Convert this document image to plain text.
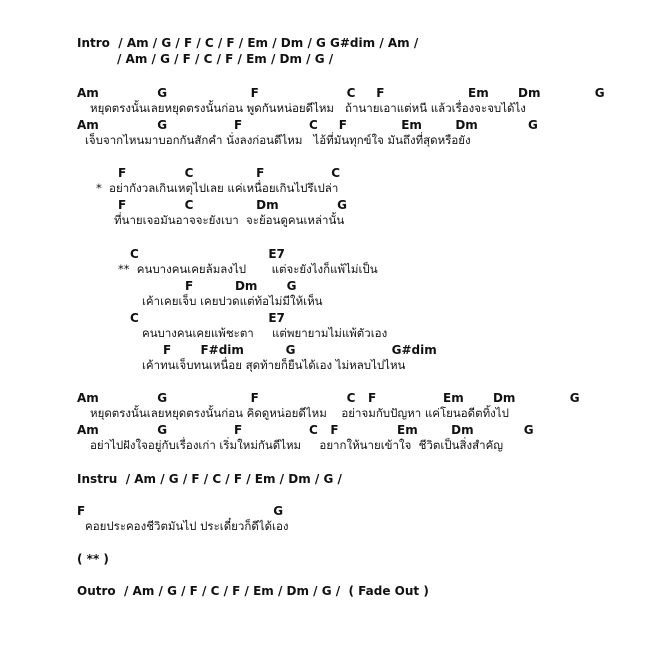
Intro  / Am / G / F / C / F / Em / Dm / G G#dim / Am /
/ Am / G / F / C / F / Em / Dm / G /
Am              G                    F                     C     F                    Em       Dm             G
หยุดตรงนั้นเลยหยุดตรงนั้นก่อน พูดกันหน่อยดีไหม   ถ้านายเอาแต่หนี แล้วเรื่องจะจบได้ไง
Am              G                F                C     F             Em        Dm            G
เจ็บจากไหนมาบอกกันสักคำ นั่งลงก่อนดีไหม   ไอ้ที่มันทุกข์ใจ มันถึงที่สุดหรือยัง
F              C               F                C
*  อย่ากังวลเกินเหตุไปเลย แค่เหนื่อยเกินไปรึเปล่า
F              C               Dm              G
ที่นายเจอมันอาจจะยังเบา  จะย้อนดูคนเหล่านั้น
C                               E7
**  คนบางคนเคยล้มลงไป       แต่จะยังไงก็แพ้ไม่เป็น
F          Dm       G
เค้าเคยเจ็บ เคยปวดแต่ท้อไม่มีให้เห็น
C                               E7
คนบางคนเคยแพ้ชะตา     แต่พยายามไม่แพ้ตัวเอง
F       F#dim          G                       G#dim
เค้าทนเจ็บทนเหนื่อย สุดท้ายก็ยืนได้เอง ไม่หลบไปไหน
Am              G                    F                     C   F                Em       Dm             G
หยุดตรงนั้นเลยหยุดตรงนั้นก่อน คิดดูหน่อยดีไหม    อย่าจมกับปัญหา แค่โยนอดีตทิ้งไป
Am              G                F                C   F              Em        Dm            G
อย่าไปฝังใจอยู่กับเรื่องเก่า เริ่มใหม่กันดีไหม     อยากให้นายเข้าใจ  ชีวิตเป็นสิ่งสำคัญ
Instru  / Am / G / F / C / F / Em / Dm / G /
F                                             G
คอยประคองชีวิตมันไป ประเดี๋ยวก็ดีได้เอง
( ** )
Outro  / Am / G / F / C / F / Em / Dm / G /  ( Fade Out )
